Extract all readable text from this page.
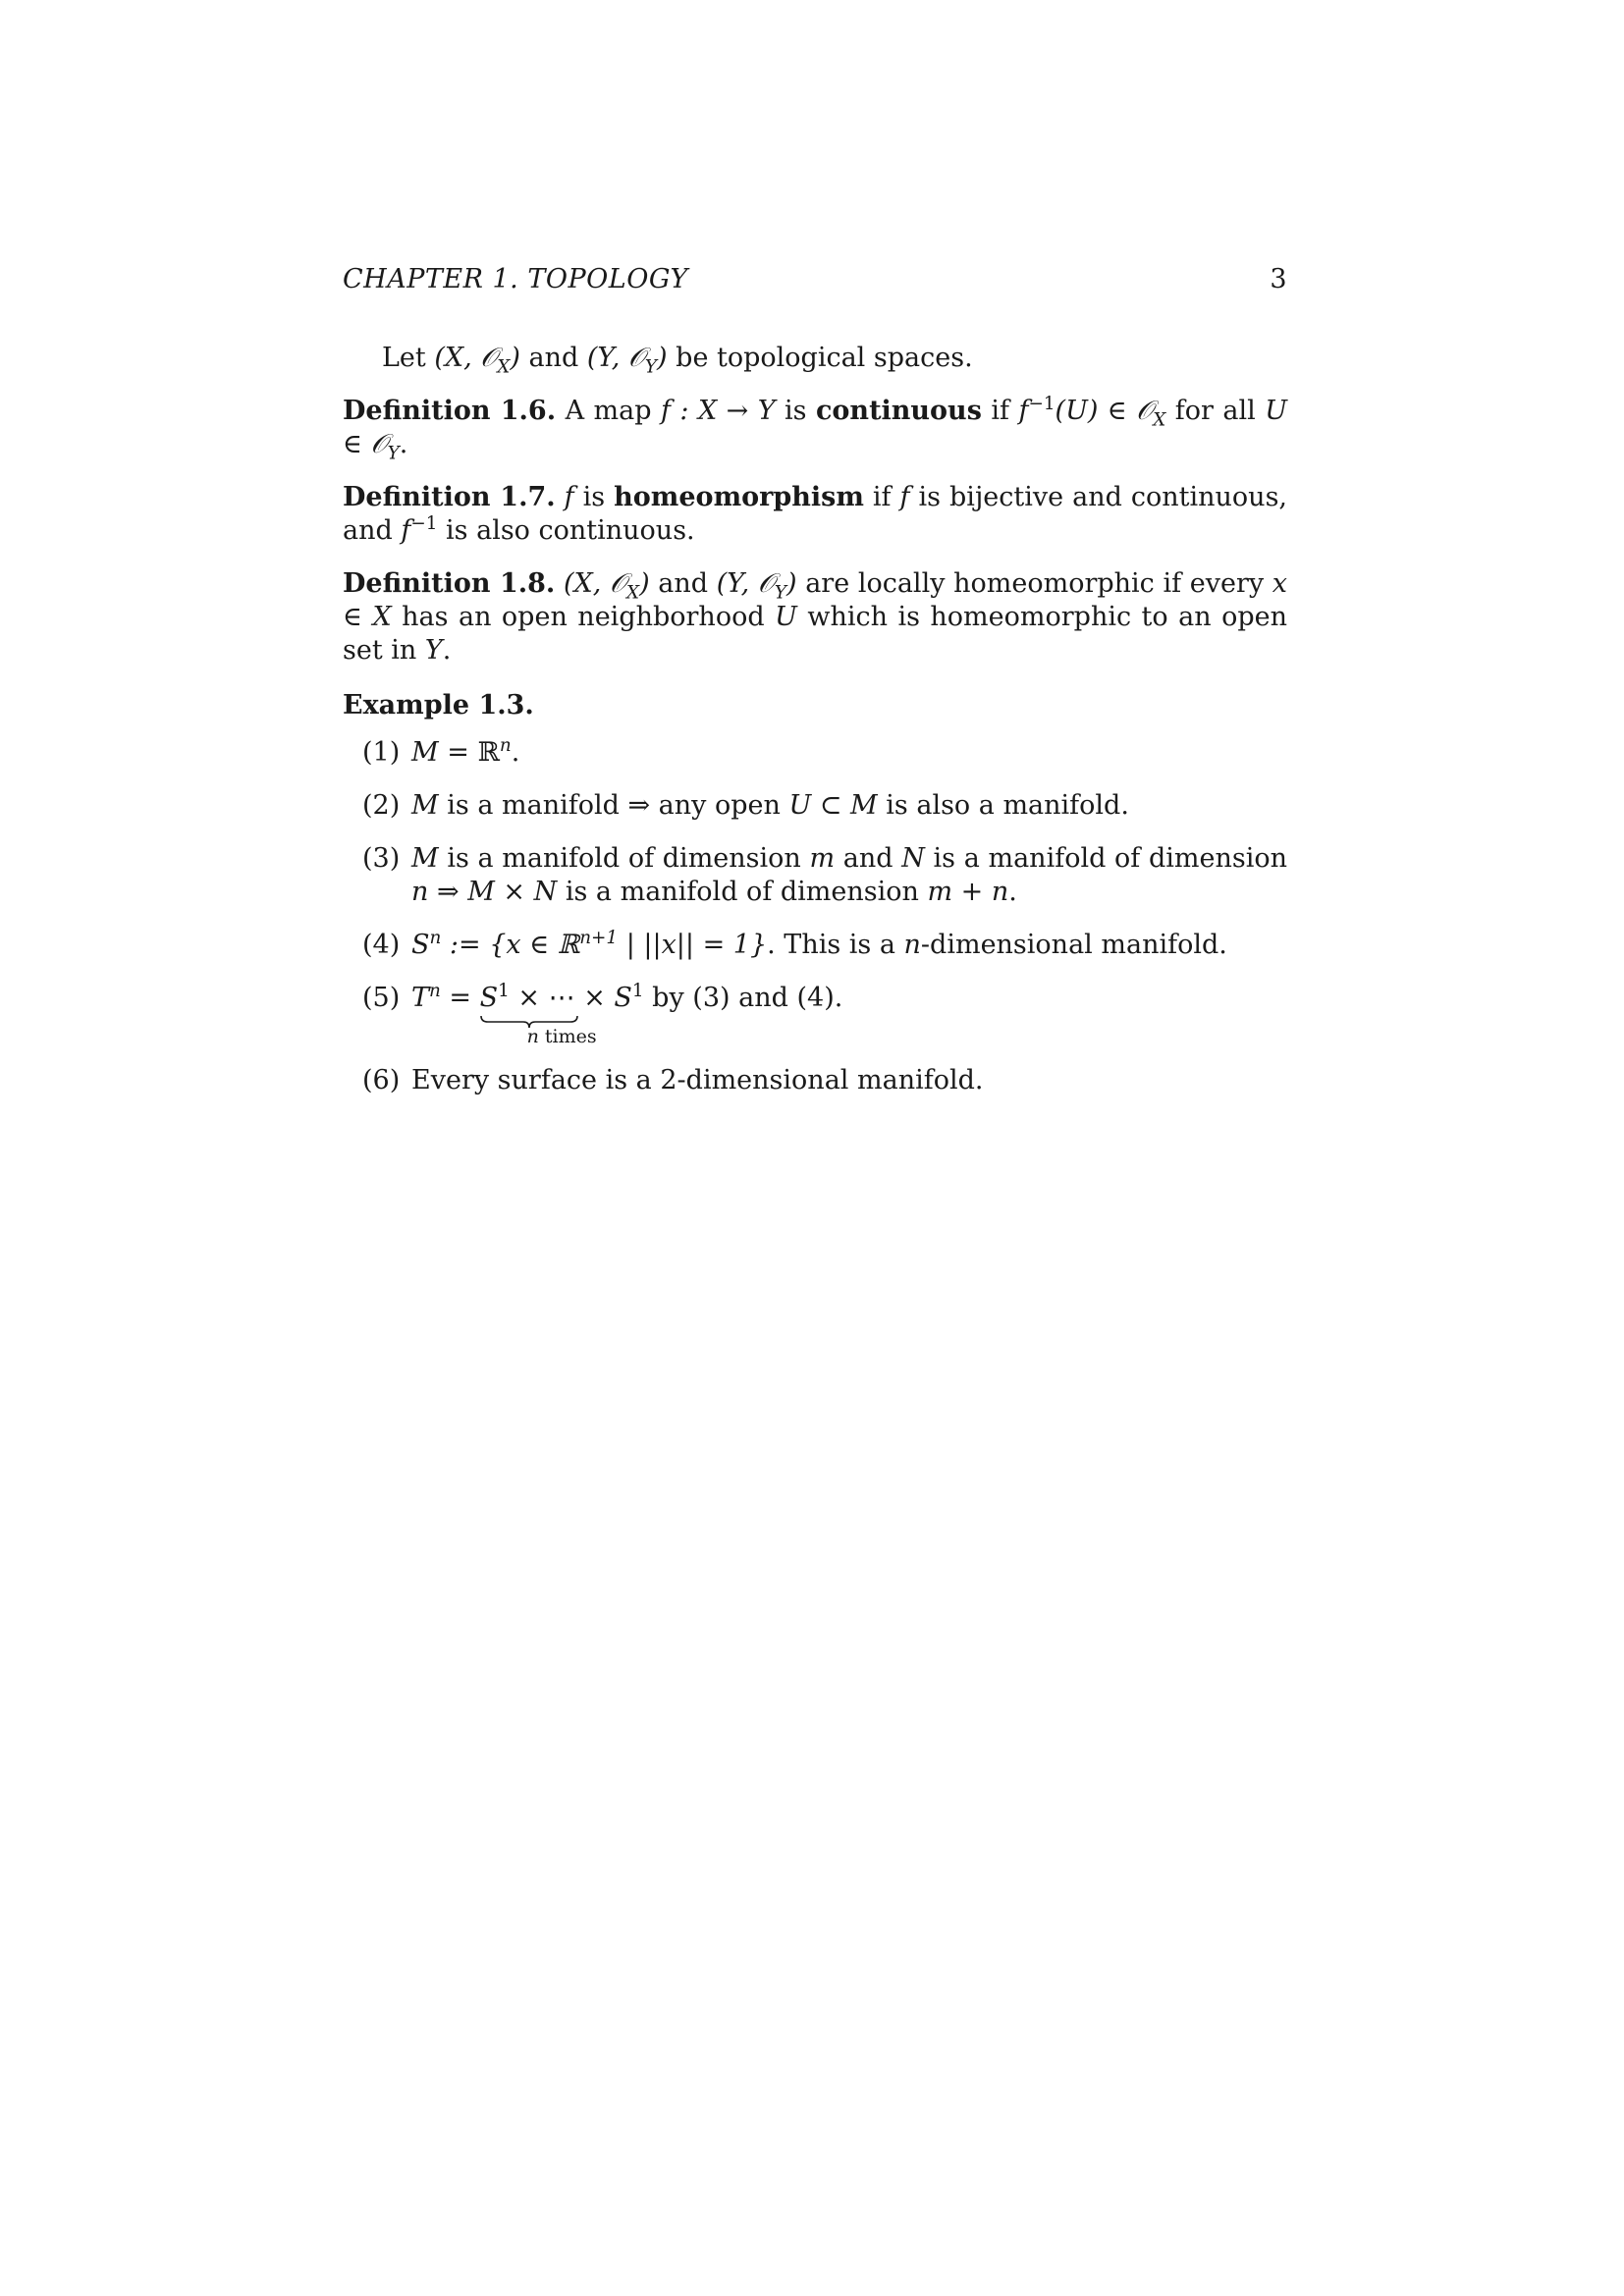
CHAPTER 1. TOPOLOGY	3

Let (X, 𝒪$_X$) and (Y, 𝒪$_Y$) be topological spaces.

Definition 1.6. A map f : X → Y is continuous if $f^{-1}(U)$ ∈ 𝒪$_X$ for all U ∈ 𝒪$_Y$.

Definition 1.7. f is homeomorphism if f is bijective and continuous, and $f^{-1}$ is also continuous.

Definition 1.8. (X, 𝒪$_X$) and (Y, 𝒪$_Y$) are locally homeomorphic if every x ∈ X has an open neighborhood U which is homeomorphic to an open set in Y.

Example 1.3.

(1) M = ℝ$^n$.
(2) M is a manifold ⇒ any open U ⊂ M is also a manifold.
(3) M is a manifold of dimension m and N is a manifold of dimension n ⇒ M × N is a manifold of dimension m + n.
(4) $S^n$ := {x ∈ ℝ$^{n+1}$ | ||x|| = 1}. This is a n-dimensional manifold.
(5) $T^n = S^1$ × ⋯ × $S^1$
n times
by (3) and (4).
(6) Every surface is a 2-dimensional manifold.
